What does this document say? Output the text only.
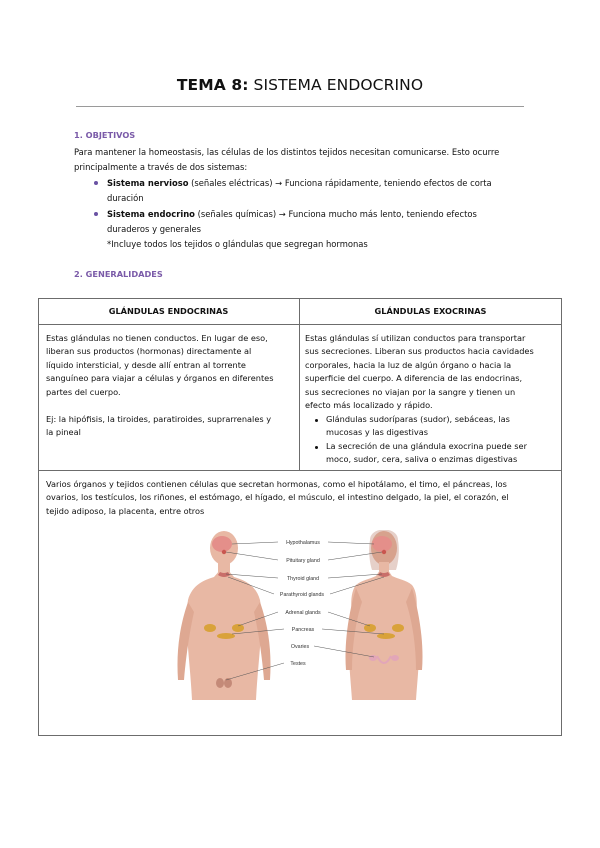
TEMA 8: SISTEMA ENDOCRINO
1. OBJETIVOS
Para mantener la homeostasis, las células de los distintos tejidos necesitan comunicarse. Esto ocurre
principalmente a través de dos sistemas:
Sistema nervioso (señales eléctricas) → Funciona rápidamente, teniendo efectos de corta
duración
Sistema endocrino (señales químicas) → Funciona mucho más lento, teniendo efectos
duraderos y generales
*Incluye todos los tejidos o glándulas que segregan hormonas
2. GENERALIDADES
GLÁNDULAS ENDOCRINAS	GLÁNDULAS EXOCRINAS
Estas glándulas no tienen conductos. En lugar de eso,
liberan sus productos (hormonas) directamente al
líquido intersticial, y desde allí entran al torrente
sanguíneo para viajar a células y órganos en diferentes
partes del cuerpo.
Ej: la hipófisis, la tiroides, paratiroides, suprarrenales y
la pineal
Estas glándulas sí utilizan conductos para transportar
sus secreciones. Liberan sus productos hacia cavidades
corporales, hacia la luz de algún órgano o hacia la
superficie del cuerpo. A diferencia de las endocrinas,
sus secreciones no viajan por la sangre y tienen un
efecto más localizado y rápido.
Glándulas sudoríparas (sudor), sebáceas, las
mucosas y las digestivas
La secreción de una glándula exocrina puede ser
moco, sudor, cera, saliva o enzimas digestivas
Varios órganos y tejidos contienen células que secretan hormonas, como el hipotálamo, el timo, el páncreas, los
ovarios, los testículos, los riñones, el estómago, el hígado, el músculo, el intestino delgado, la piel, el corazón, el
tejido adiposo, la placenta, entre otros
Hypothalamus
Pituitary gland
Thyroid gland
Parathyroid glands
Adrenal glands
Pancreas
Ovaries
Testes
